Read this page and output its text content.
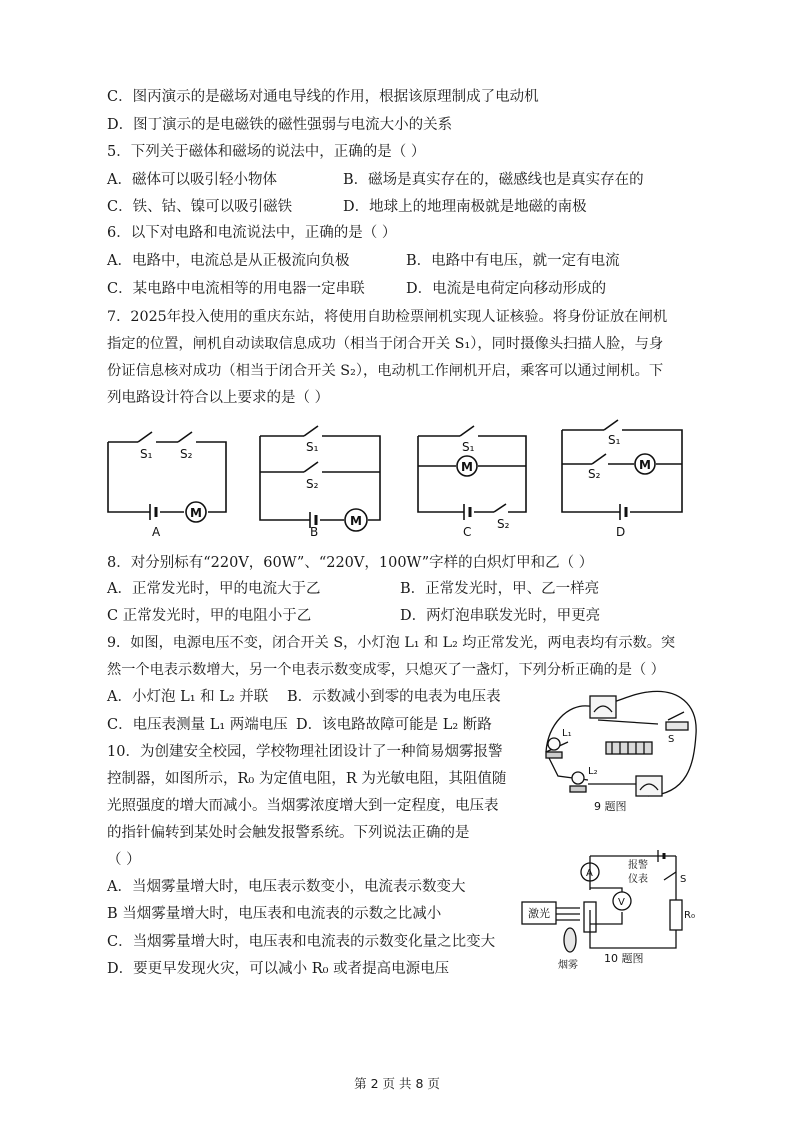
C．图丙演示的是磁场对通电导线的作用，根据该原理制成了电动机
D．图丁演示的是电磁铁的磁性强弱与电流大小的关系
5．下列关于磁体和磁场的说法中，正确的是（ ）
A．磁体可以吸引轻小物体	B．磁场是真实存在的，磁感线也是真实存在的
C．铁、钴、镍可以吸引磁铁	D．地球上的地理南极就是地磁的南极
6．以下对电路和电流说法中，正确的是（ ）
A．电路中，电流总是从正极流向负极	B．电路中有电压，就一定有电流
C．某电路中电流相等的用电器一定串联	D．电流是电荷定向移动形成的
7．2025年投入使用的重庆东站，将使用自助检票闸机实现人证核验。将身份证放在闸机
指定的位置，闸机自动读取信息成功（相当于闭合开关 S₁），同时摄像头扫描人脸，与身
份证信息核对成功（相当于闭合开关 S₂），电动机工作闸机开启，乘客可以通过闸机。下
列电路设计符合以上要求的是（ ）
S₁ S₂
M
A
S₁
S₂
M
B
S₁
M
S₂
C
S₁
S₂
M
D
8．对分别标有“220V，60W”、“220V，100W”字样的白炽灯甲和乙（ ）
A．正常发光时，甲的电流大于乙	B．正常发光时，甲、乙一样亮
C 正常发光时，甲的电阻小于乙	D．两灯泡串联发光时，甲更亮
9．如图，电源电压不变，闭合开关 S，小灯泡 L₁ 和 L₂ 均正常发光，两电表均有示数。突
然一个电表示数增大，另一个电表示数变成零，只熄灭了一盏灯，下列分析正确的是（ ）
A．小灯泡 L₁ 和 L₂ 并联 B．示数减小到零的电表为电压表
C．电压表测量 L₁ 两端电压 D．该电路故障可能是 L₂ 断路
L₁
L₂
S
9 题图
10．为创建安全校园，学校物理社团设计了一种简易烟雾报警
控制器，如图所示，R₀ 为定值电阻，R 为光敏电阻，其阻值随
光照强度的增大而减小。当烟雾浓度增大到一定程度，电压表
的指针偏转到某处时会触发报警系统。下列说法正确的是
（ ）
A．当烟雾量增大时，电压表示数变小，电流表示数变大
B 当烟雾量增大时，电压表和电流表的示数之比减小
C．当烟雾量增大时，电压表和电流表的示数变化量之比变大
D．要更早发现火灾，可以减小 R₀ 或者提高电源电压
A
V
报警
仪表	S
R₀
激光
烟雾
10 题图
第 2 页 共 8 页
